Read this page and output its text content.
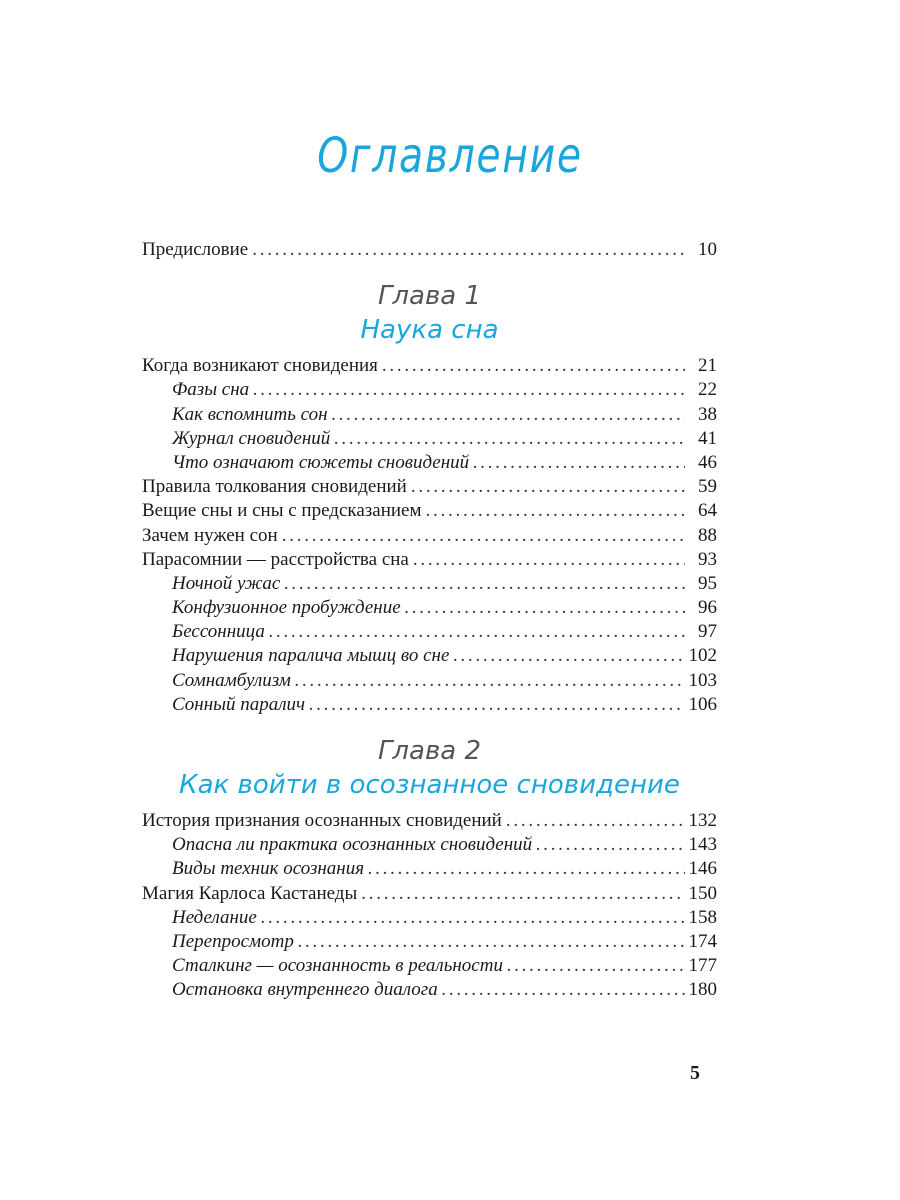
Оглавление
Предисловие . . .	10
Глава 1
Наука сна
Когда возникают сновидения . . .	21
Фазы сна . . .	22
Как вспомнить сон . . .	38
Журнал сновидений . . .	41
Что означают сюжеты сновидений . . .	46
Правила толкования сновидений . . .	59
Вещие сны и сны с предсказанием . . .	64
Зачем нужен сон . . .	88
Парасомнии — расстройства сна . . .	93
Ночной ужас . . .	95
Конфузионное пробуждение . . .	96
Бессонница . . .	97
Нарушения паралича мышц во сне . . .	102
Сомнамбулизм . . .	103
Сонный паралич . . .	106
Глава 2
Как войти в осознанное сновидение
История признания осознанных сновидений . . .	132
Опасна ли практика осознанных сновидений . . .	143
Виды техник осознания . . .	146
Магия Карлоса Кастанеды . . .	150
Неделание . . .	158
Перепросмотр . . .	174
Сталкинг — осознанность в реальности . . .	177
Остановка внутреннего диалога . . .	180
5
